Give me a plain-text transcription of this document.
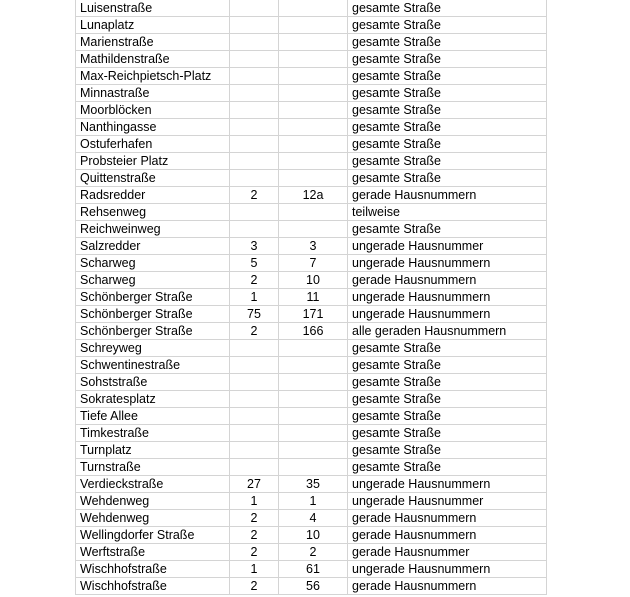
Luisenstraße			gesamte Straße
Lunaplatz			gesamte Straße
Marienstraße			gesamte Straße
Mathildenstraße			gesamte Straße
Max-Reichpietsch-Platz			gesamte Straße
Minnastraße			gesamte Straße
Moorblöcken			gesamte Straße
Nanthingasse			gesamte Straße
Ostuferhafen			gesamte Straße
Probsteier Platz			gesamte Straße
Quittenstraße			gesamte Straße
Radsredder	2	12a	gerade Hausnummern
Rehsenweg			teilweise
Reichweinweg			gesamte Straße
Salzredder	3	3	ungerade Hausnummer
Scharweg	5	7	ungerade Hausnummern
Scharweg	2	10	gerade Hausnummern
Schönberger Straße	1	11	ungerade Hausnummern
Schönberger Straße	75	171	ungerade Hausnummern
Schönberger Straße	2	166	alle geraden Hausnummern
Schreyweg			gesamte Straße
Schwentinestraße			gesamte Straße
Sohststraße			gesamte Straße
Sokratesplatz			gesamte Straße
Tiefe Allee			gesamte Straße
Timkestraße			gesamte Straße
Turnplatz			gesamte Straße
Turnstraße			gesamte Straße
Verdieckstraße	27	35	ungerade Hausnummern
Wehdenweg	1	1	ungerade Hausnummer
Wehdenweg	2	4	gerade Hausnummern
Wellingdorfer Straße	2	10	gerade Hausnummern
Werftstraße	2	2	gerade Hausnummer
Wischhofstraße	1	61	ungerade Hausnummern
Wischhofstraße	2	56	gerade Hausnummern
